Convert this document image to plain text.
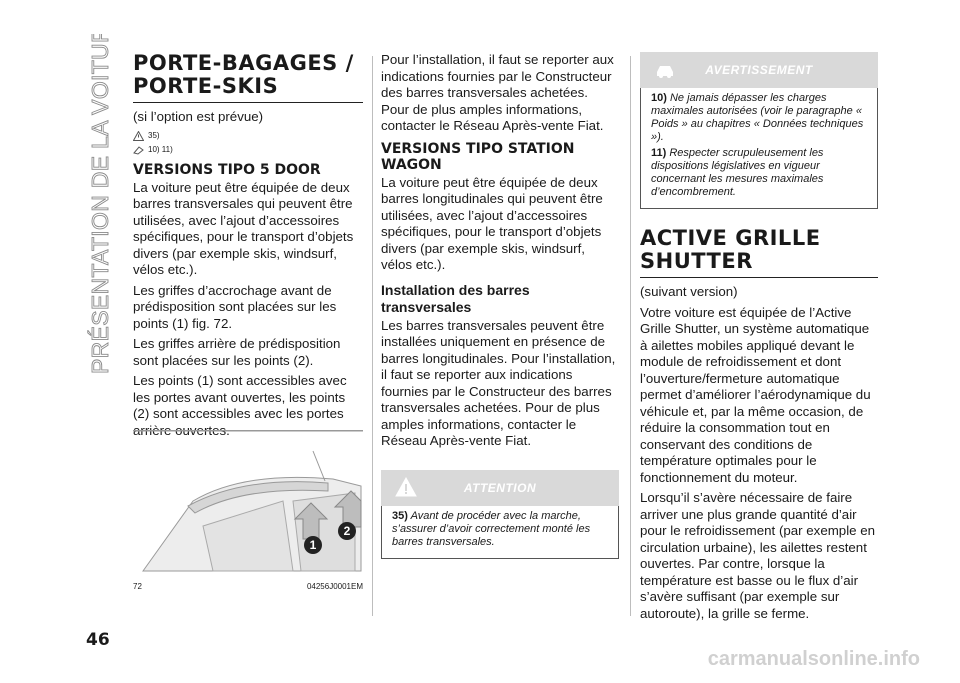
PRÉSENTATION DE LA VOITURE PORTE-BAGAGES / PORTE-SKIS

(si l’option est prévue)

35)
10) 11)
VERSIONS TIPO 5 DOOR

La voiture peut être équipée de deux barres transversales qui peuvent être utilisées, avec l’ajout d’accessoires spécifiques, pour le transport d’objets divers (par exemple skis, windsurf, vélos etc.).

Les griffes d’accrochage avant de prédisposition sont placées sur les points (1) fig. 72.

Les griffes arrière de prédisposition sont placées sur les points (2).

Les points (1) sont accessibles avec les portes avant ouvertes, les points (2) sont accessibles avec les portes arrière ouvertes.

1
2
72	04256J0001EM

Pour l’installation, il faut se reporter aux indications fournies par le Constructeur des barres transversales achetées. Pour de plus amples informations, contacter le Réseau Après-vente Fiat.

VERSIONS TIPO STATION WAGON

La voiture peut être équipée de deux barres longitudinales qui peuvent être utilisées, avec l’ajout d’accessoires spécifiques, pour le transport d’objets divers (par exemple skis, windsurf, vélos etc.).

Installation des barres transversales

Les barres transversales peuvent être installées uniquement en présence de barres longitudinales. Pour l’installation, il faut se reporter aux indications fournies par le Constructeur des barres transversales achetées. Pour de plus amples informations, contacter le Réseau Après-vente Fiat.

ATTENTION

35) Avant de procéder avec la marche, s’assurer d’avoir correctement monté les barres transversales.

AVERTISSEMENT

10) Ne jamais dépasser les charges maximales autorisées (voir le paragraphe « Poids » au chapitres « Données techniques »).

11) Respecter scrupuleusement les dispositions législatives en vigueur concernant les mesures maximales d’encombrement.

ACTIVE GRILLE SHUTTER

(suivant version)

Votre voiture est équipée de l’Active Grille Shutter, un système automatique à ailettes mobiles appliqué devant le module de refroidissement et dont l’ouverture/fermeture automatique permet d’améliorer l’aérodynamique du véhicule et, par la même occasion, de réduire la consommation tout en conservant des conditions de température optimales pour le fonctionnement du moteur.

Lorsqu’il s’avère nécessaire de faire arriver une plus grande quantité d’air pour le refroidissement (par exemple en circulation urbaine), les ailettes restent ouvertes. Par contre, lorsque la température est basse ou le flux d’air s’avère suffisant (par exemple sur autoroute), la grille se ferme.

46
carmanualsonline.info
